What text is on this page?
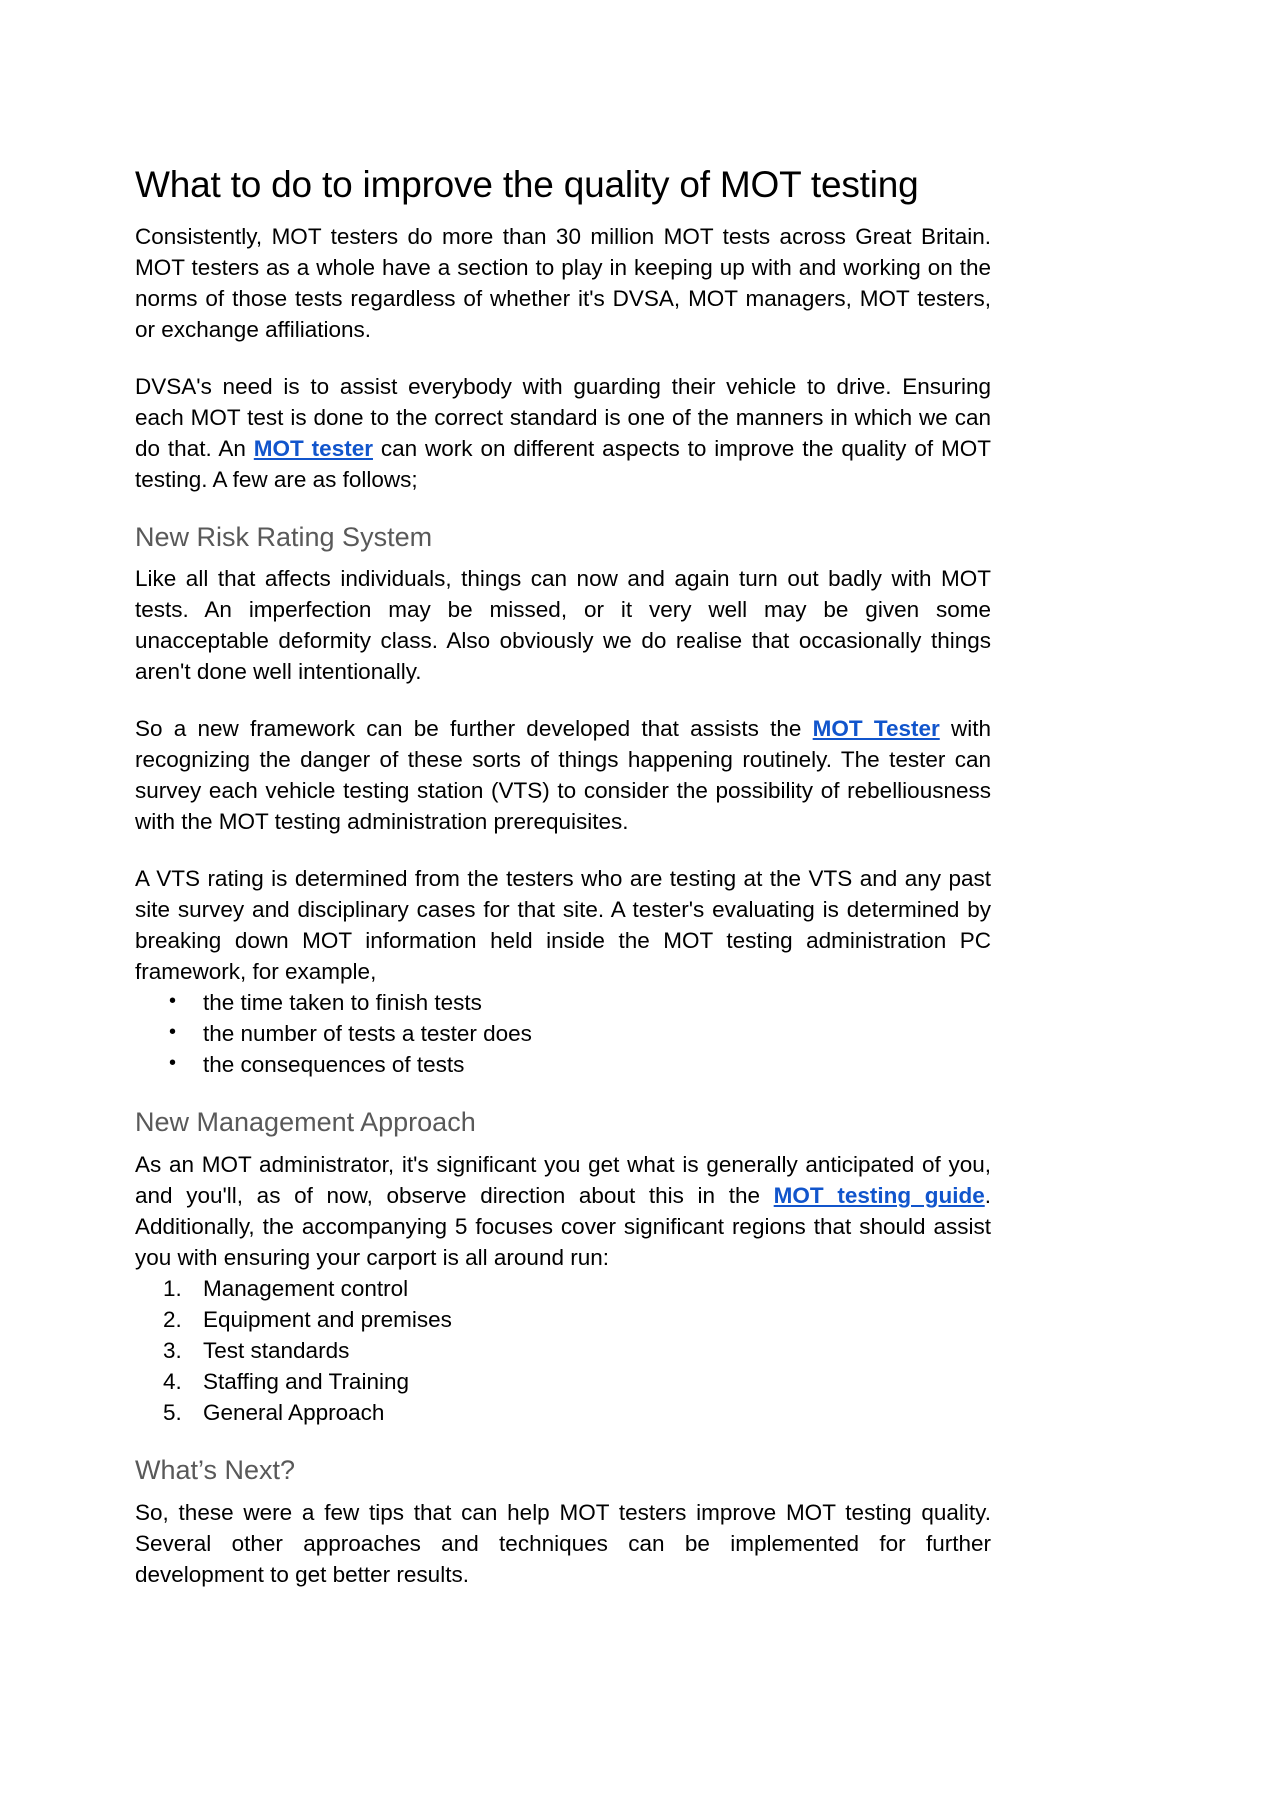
What to do to improve the quality of MOT testing

Consistently, MOT testers do more than 30 million MOT tests across Great Britain. MOT testers as a whole have a section to play in keeping up with and working on the norms of those tests regardless of whether it's DVSA, MOT managers, MOT testers, or exchange affiliations.

DVSA's need is to assist everybody with guarding their vehicle to drive. Ensuring each MOT test is done to the correct standard is one of the manners in which we can do that. An MOT tester can work on different aspects to improve the quality of MOT testing. A few are as follows;

New Risk Rating System

Like all that affects individuals, things can now and again turn out badly with MOT tests. An imperfection may be missed, or it very well may be given some unacceptable deformity class. Also obviously we do realise that occasionally things aren't done well intentionally.

So a new framework can be further developed that assists the MOT Tester with recognizing the danger of these sorts of things happening routinely. The tester can survey each vehicle testing station (VTS) to consider the possibility of rebelliousness with the MOT testing administration prerequisites.

A VTS rating is determined from the testers who are testing at the VTS and any past site survey and disciplinary cases for that site. A tester's evaluating is determined by breaking down MOT information held inside the MOT testing administration PC framework, for example,

• the time taken to finish tests
• the number of tests a tester does
• the consequences of tests
New Management Approach

As an MOT administrator, it's significant you get what is generally anticipated of you, and you'll, as of now, observe direction about this in the MOT testing guide. Additionally, the accompanying 5 focuses cover significant regions that should assist you with ensuring your carport is all around run:

Management control
Equipment and premises
Test standards
Staffing and Training
General Approach
What’s Next?

So, these were a few tips that can help MOT testers improve MOT testing quality. Several other approaches and techniques can be implemented for further development to get better results.
